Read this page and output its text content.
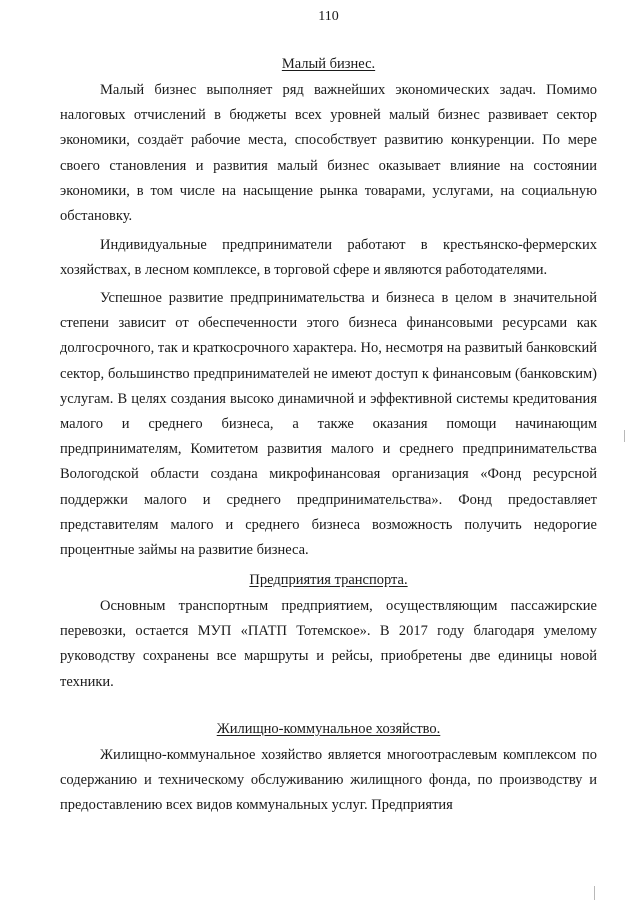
110
Малый бизнес.

Малый бизнес выполняет ряд важнейших экономических задач. Помимо налоговых отчислений в бюджеты всех уровней малый бизнес развивает сектор экономики, создаёт рабочие места, способствует развитию конкуренции. По мере своего становления и развития малый бизнес оказывает влияние на состоянии экономики, в том числе на насыщение рынка товарами, услугами, на социальную обстановку.

Индивидуальные предприниматели работают в крестьянско-фермерских хозяйствах, в лесном комплексе, в торговой сфере и являются работодателями.

Успешное развитие предпринимательства и бизнеса в целом в значительной степени зависит от обеспеченности этого бизнеса финансовыми ресурсами как долгосрочного, так и краткосрочного характера. Но, несмотря на развитый банковский сектор, большинство предпринимателей не имеют доступ к финансовым (банковским) услугам. В целях создания высоко динамичной и эффективной системы кредитования малого и среднего бизнеса, а также оказания помощи начинающим предпринимателям, Комитетом развития малого и среднего предпринимательства Вологодской области создана микрофинансовая организация «Фонд ресурсной поддержки малого и среднего предпринимательства». Фонд предоставляет представителям малого и среднего бизнеса возможность получить недорогие процентные займы на развитие бизнеса.

Предприятия транспорта.

Основным транспортным предприятием, осуществляющим пассажирские перевозки, остается МУП «ПАТП Тотемское». В 2017 году благодаря умелому руководству сохранены все маршруты и рейсы, приобретены две единицы новой техники.

Жилищно-коммунальное хозяйство.

Жилищно-коммунальное хозяйство является многоотраслевым комплексом по содержанию и техническому обслуживанию жилищного фонда, по производству и предоставлению всех видов коммунальных услуг. Предприятия
